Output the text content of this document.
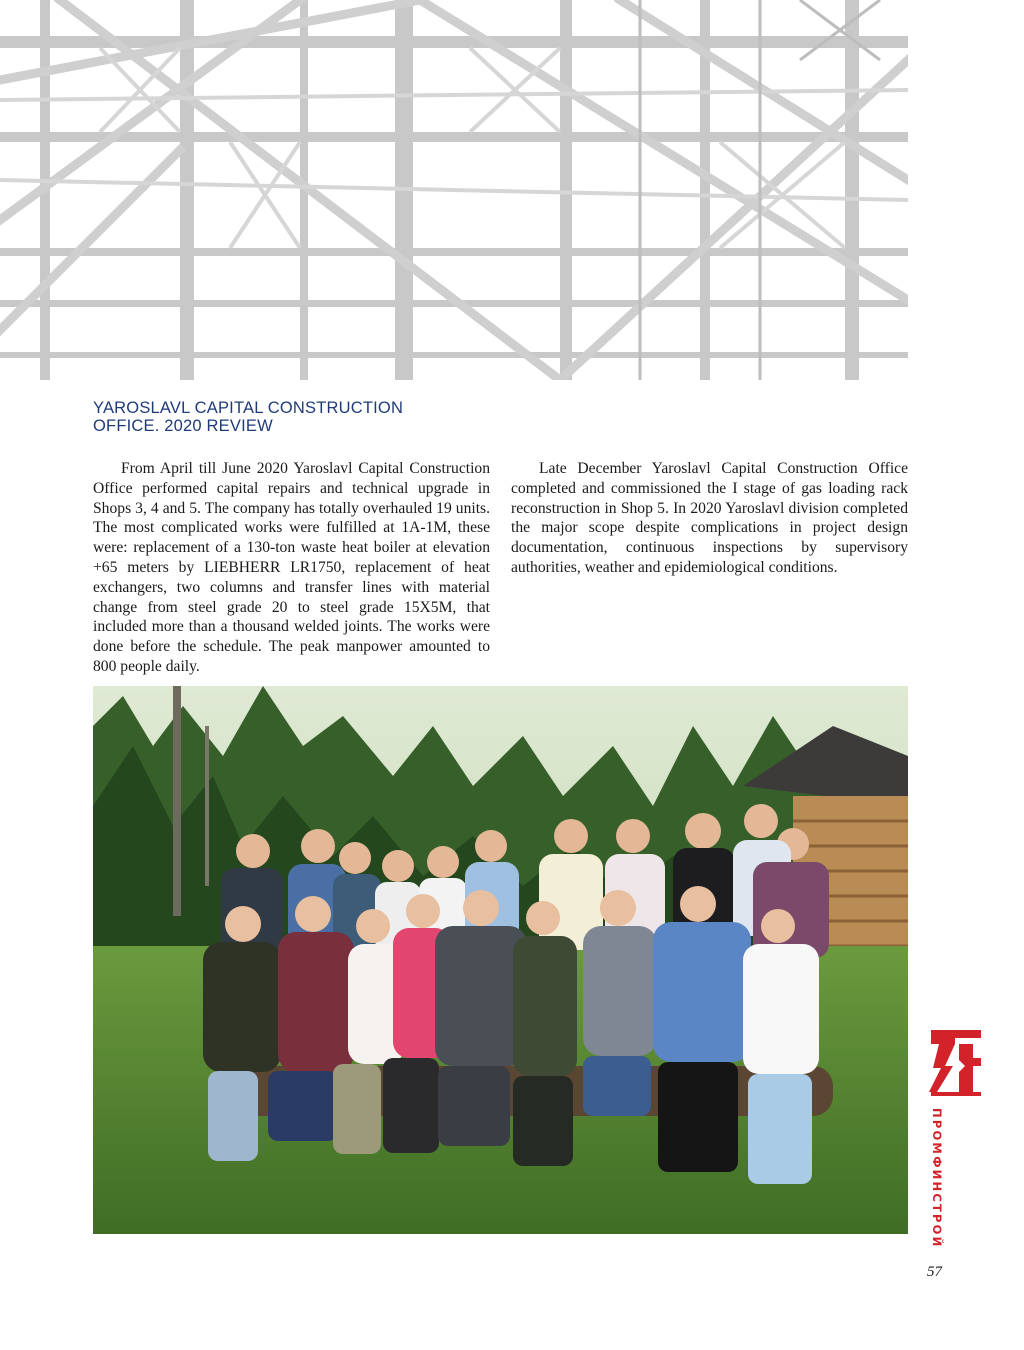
YAROSLAVL CAPITAL CONSTRUCTION
OFFICE. 2020 REVIEW

From April till June 2020 Yaroslavl Capital Construction Office performed capital repairs and technical upgrade in Shops 3, 4 and 5. The company has totally overhauled 19 units. The most complicated works were fulfilled at 1A-1M, these were: replacement of a 130-ton waste heat boiler at elevation +65 meters by LIEBHERR LR1750, replacement of heat exchangers, two columns and transfer lines with material change from steel grade 20 to steel grade 15X5M, that included more than a thousand welded joints. The works were done before the schedule. The peak manpower amounted to 800 people daily.

Late December Yaroslavl Capital Construction Office completed and commissioned the I stage of gas loading rack reconstruction in Shop 5. In 2020 Yaroslavl division completed the major scope despite complications in project design documentation, continuous inspections by supervisory authorities, weather and epidemiological conditions.

ПРОМФИНСТРОЙ
57
